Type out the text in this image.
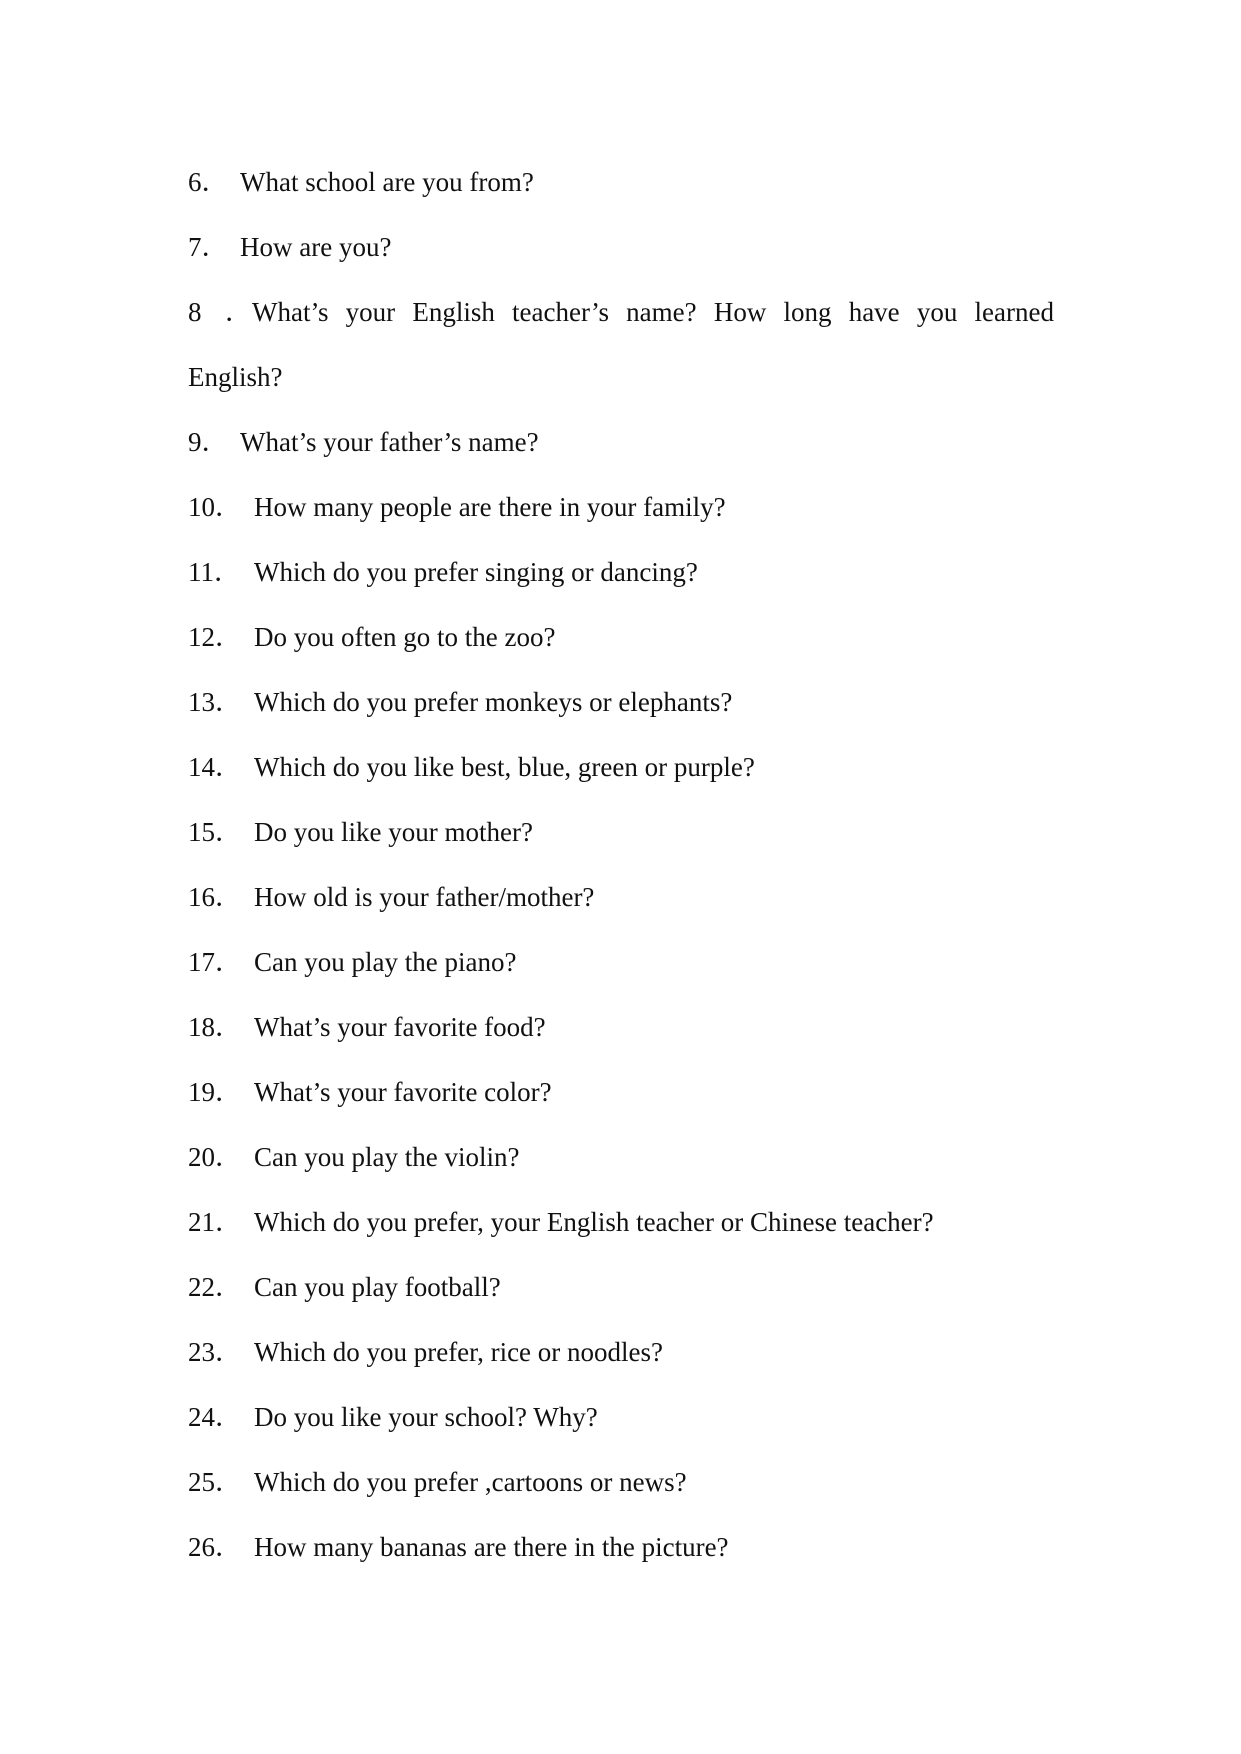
6． What school are you from?
7． How are you?
8．What’s your English teacher’s name? How long have you learned
English?
9． What’s your father’s name?
10． How many people are there in your family?
11． Which do you prefer singing or dancing?
12． Do you often go to the zoo?
13． Which do you prefer monkeys or elephants?
14． Which do you like best, blue, green or purple?
15． Do you like your mother?
16． How old is your father/mother?
17． Can you play the piano?
18． What’s your favorite food?
19． What’s your favorite color?
20． Can you play the violin?
21． Which do you prefer, your English teacher or Chinese teacher?
22． Can you play football?
23． Which do you prefer, rice or noodles?
24． Do you like your school? Why?
25． Which do you prefer ,cartoons or news?
26． How many bananas are there in the picture?
